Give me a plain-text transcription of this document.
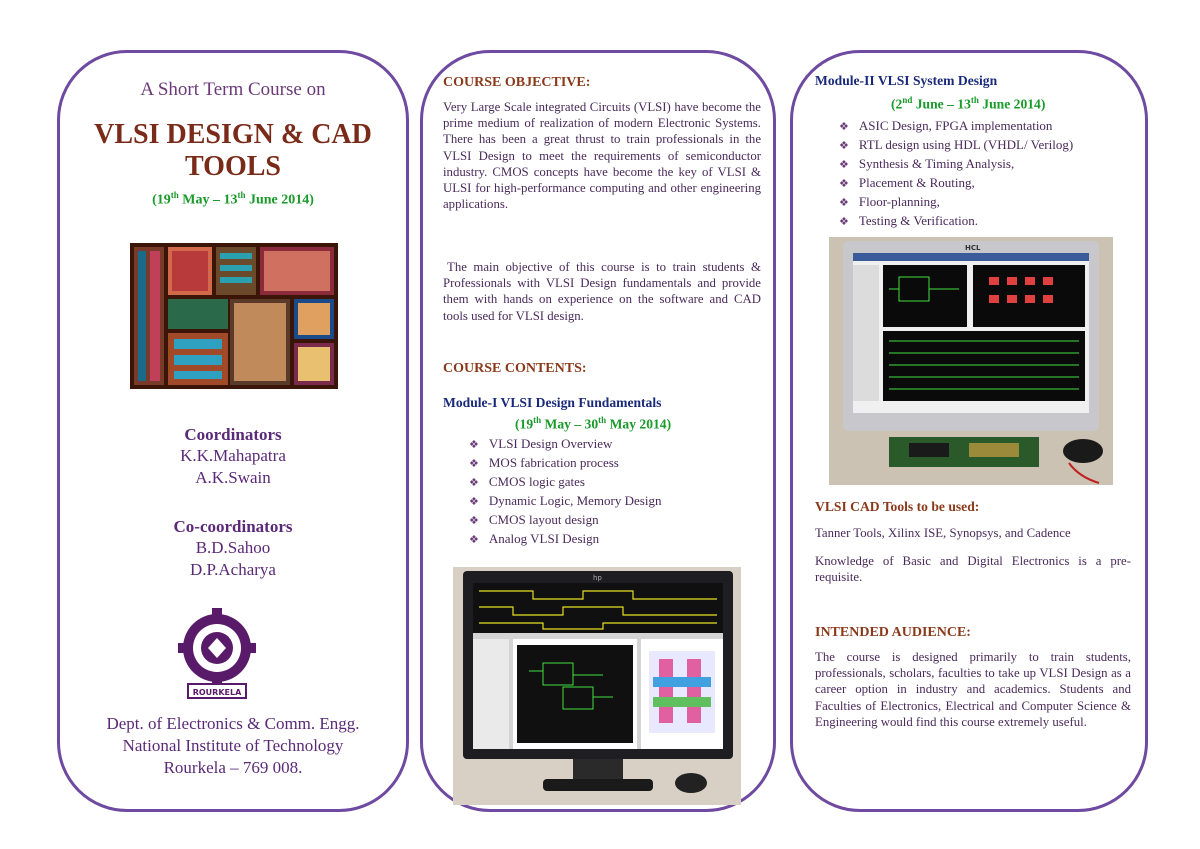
A Short Term Course on
VLSI DESIGN & CAD
TOOLS
(19th May – 13th June 2014)
Coordinators
K.K.Mahapatra
A.K.Swain
Co-coordinators
B.D.Sahoo
D.P.Acharya
ROURKELA
Dept. of Electronics & Comm. Engg.
National Institute of Technology
Rourkela – 769 008.
COURSE OBJECTIVE:
Very Large Scale integrated Circuits (VLSI) have become the prime medium of realization of modern Electronic Systems. There has been a great thrust to train professionals in the VLSI Design to meet the requirements of semiconductor industry. CMOS concepts have become the key of VLSI & ULSI for high-performance computing and other engineering applications.
The main objective of this course is to train students & Professionals with VLSI Design fundamentals and provide them with hands on experience on the software and CAD tools used for VLSI design.
COURSE CONTENTS:
Module-I VLSI Design Fundamentals
(19th May – 30th May 2014)
❖ VLSI Design Overview
❖ MOS fabrication process
❖ CMOS logic gates
❖ Dynamic Logic, Memory Design
❖ CMOS layout design
❖ Analog VLSI Design
hp
Module-II VLSI System Design
(2nd June – 13th June 2014)
❖ ASIC Design, FPGA implementation
❖ RTL design using HDL (VHDL/ Verilog)
❖ Synthesis & Timing Analysis,
❖ Placement & Routing,
❖ Floor-planning,
❖ Testing & Verification.
HCL
VLSI CAD Tools to be used:
Tanner Tools, Xilinx ISE, Synopsys, and Cadence
Knowledge of Basic and Digital Electronics is a pre-requisite.
INTENDED AUDIENCE:
The course is designed primarily to train students, professionals, scholars, faculties to take up VLSI Design as a career option in industry and academics. Students and Faculties of Electronics, Electrical and Computer Science & Engineering would find this course extremely useful.
